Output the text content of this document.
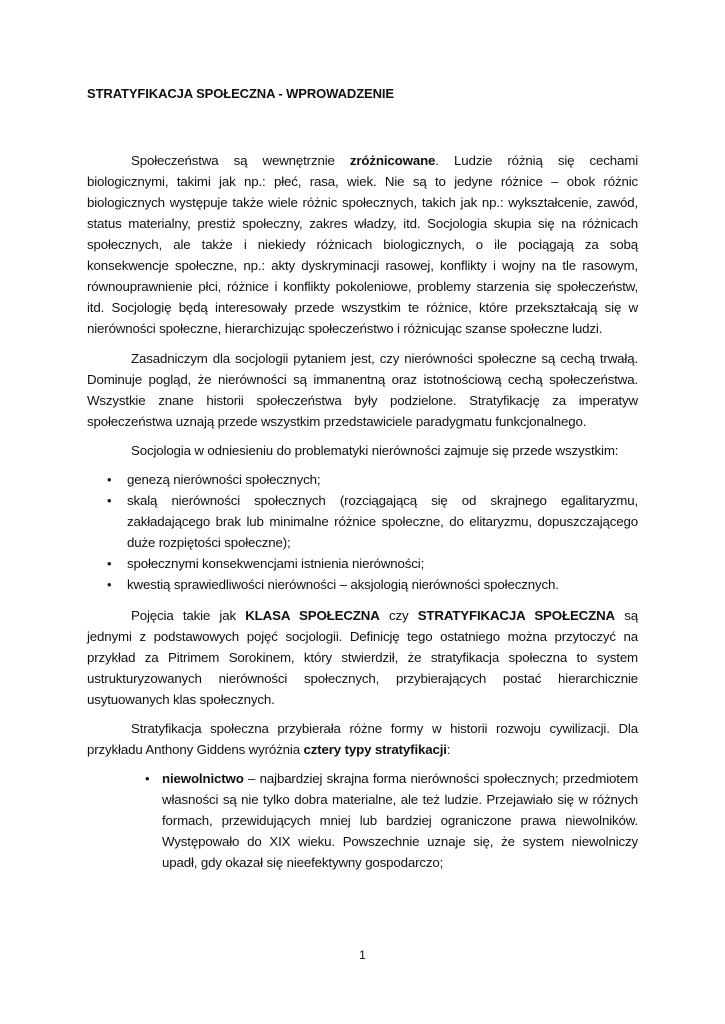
STRATYFIKACJA SPOŁECZNA - WPROWADZENIE

Społeczeństwa są wewnętrznie zróżnicowane. Ludzie różnią się cechami biologicznymi, takimi jak np.: płeć, rasa, wiek. Nie są to jedyne różnice – obok różnic biologicznych występuje także wiele różnic społecznych, takich jak np.: wykształcenie, zawód, status materialny, prestiż społeczny, zakres władzy, itd. Socjologia skupia się na różnicach społecznych, ale także i niekiedy różnicach biologicznych, o ile pociągają za sobą konsekwencje społeczne, np.: akty dyskryminacji rasowej, konflikty i wojny na tle rasowym, równouprawnienie płci, różnice i konflikty pokoleniowe, problemy starzenia się społeczeństw, itd. Socjologię będą interesowały przede wszystkim te różnice, które przekształcają się w nierówności społeczne, hierarchizując społeczeństwo i różnicując szanse społeczne ludzi.

Zasadniczym dla socjologii pytaniem jest, czy nierówności społeczne są cechą trwałą. Dominuje pogląd, że nierówności są immanentną oraz istotnościową cechą społeczeństwa. Wszystkie znane historii społeczeństwa były podzielone. Stratyfikację za imperatyw społeczeństwa uznają przede wszystkim przedstawiciele paradygmatu funkcjonalnego.

Socjologia w odniesieniu do problematyki nierówności zajmuje się przede wszystkim:

• genezą nierówności społecznych;
• skalą nierówności społecznych (rozciągającą się od skrajnego egalitaryzmu, zakładającego brak lub minimalne różnice społeczne, do elitaryzmu, dopuszczającego duże rozpiętości społeczne);
• społecznymi konsekwencjami istnienia nierówności;
• kwestią sprawiedliwości nierówności – aksjologią nierówności społecznych.

Pojęcia takie jak KLASA SPOŁECZNA czy STRATYFIKACJA SPOŁECZNA są jednymi z podstawowych pojęć socjologii. Definicję tego ostatniego można przytoczyć na przykład za Pitrimem Sorokinem, który stwierdził, że stratyfikacja społeczna to system ustrukturyzowanych nierówności społecznych, przybierających postać hierarchicznie usytuowanych klas społecznych.

Stratyfikacja społeczna przybierała różne formy w historii rozwoju cywilizacji. Dla przykładu Anthony Giddens wyróżnia cztery typy stratyfikacji:

• niewolnictwo – najbardziej skrajna forma nierówności społecznych; przedmiotem własności są nie tylko dobra materialne, ale też ludzie. Przejawiało się w różnych formach, przewidujących mniej lub bardziej ograniczone prawa niewolników. Występowało do XIX wieku. Powszechnie uznaje się, że system niewolniczy upadł, gdy okazał się nieefektywny gospodarczo;
1
